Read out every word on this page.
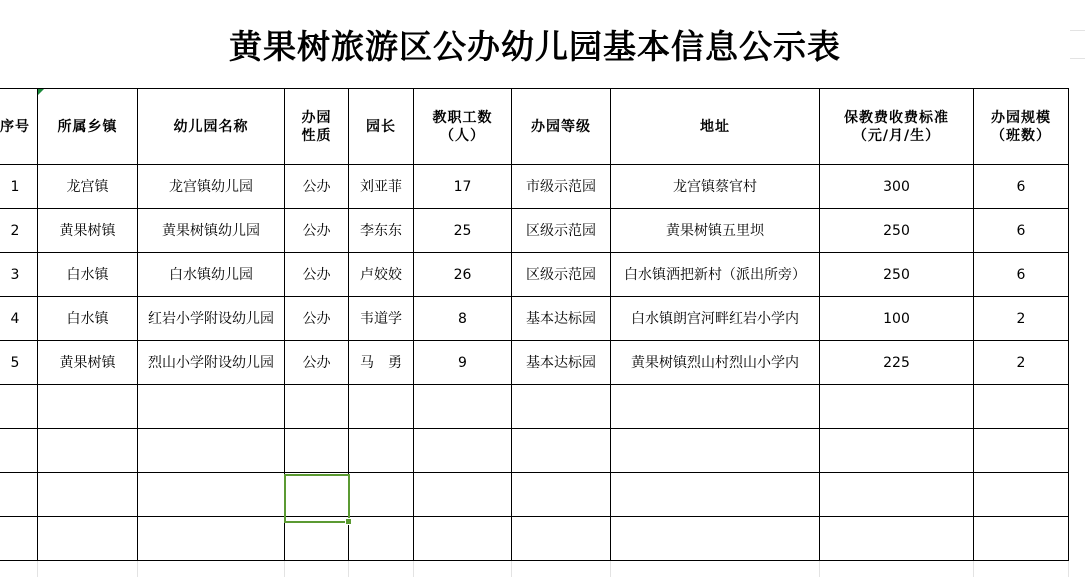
黄果树旅游区公办幼儿园基本信息公示表
序号	所属乡镇	幼儿园名称	办园性质	园长	教职工数（人）	办园等级	地址	保教费收费标准（元/月/生）	办园规模（班数）
1	龙宫镇	龙宫镇幼儿园	公办	刘亚菲	17	市级示范园	龙宫镇蔡官村	300	6
2	黄果树镇	黄果树镇幼儿园	公办	李东东	25	区级示范园	黄果树镇五里坝	250	6
3	白水镇	白水镇幼儿园	公办	卢姣姣	26	区级示范园	白水镇洒把新村（派出所旁）	250	6
4	白水镇	红岩小学附设幼儿园	公办	韦道学	8	基本达标园	白水镇朗宫河畔红岩小学内	100	2
5	黄果树镇	烈山小学附设幼儿园	公办	马　勇	9	基本达标园	黄果树镇烈山村烈山小学内	225	2
